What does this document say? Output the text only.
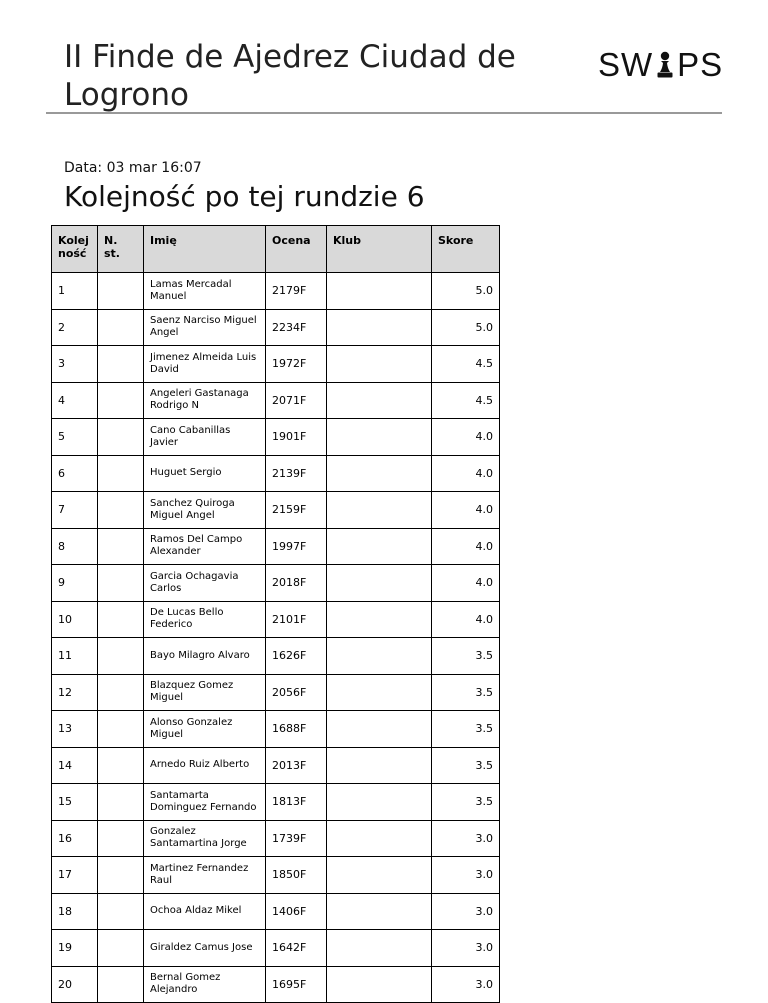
II Finde de Ajedrez Ciudad de Logrono
SW PS
Data: 03 mar 16:07
Kolejność po tej rundzie 6
Kolej ność	N. st.	Imię	Ocena	Klub	Skore
1		Lamas Mercadal Manuel	2179F		5.0
2		Saenz Narciso Miguel Angel	2234F		5.0
3		Jimenez Almeida Luis David	1972F		4.5
4		Angeleri Gastanaga Rodrigo N	2071F		4.5
5		Cano Cabanillas Javier	1901F		4.0
6		Huguet Sergio	2139F		4.0
7		Sanchez Quiroga Miguel Angel	2159F		4.0
8		Ramos Del Campo Alexander	1997F		4.0
9		Garcia Ochagavia Carlos	2018F		4.0
10		De Lucas Bello Federico	2101F		4.0
11		Bayo Milagro Alvaro	1626F		3.5
12		Blazquez Gomez Miguel	2056F		3.5
13		Alonso Gonzalez Miguel	1688F		3.5
14		Arnedo Ruiz Alberto	2013F		3.5
15		Santamarta Dominguez Fernando	1813F		3.5
16		Gonzalez Santamartina Jorge	1739F		3.0
17		Martinez Fernandez Raul	1850F		3.0
18		Ochoa Aldaz Mikel	1406F		3.0
19		Giraldez Camus Jose	1642F		3.0
20		Bernal Gomez Alejandro	1695F		3.0
